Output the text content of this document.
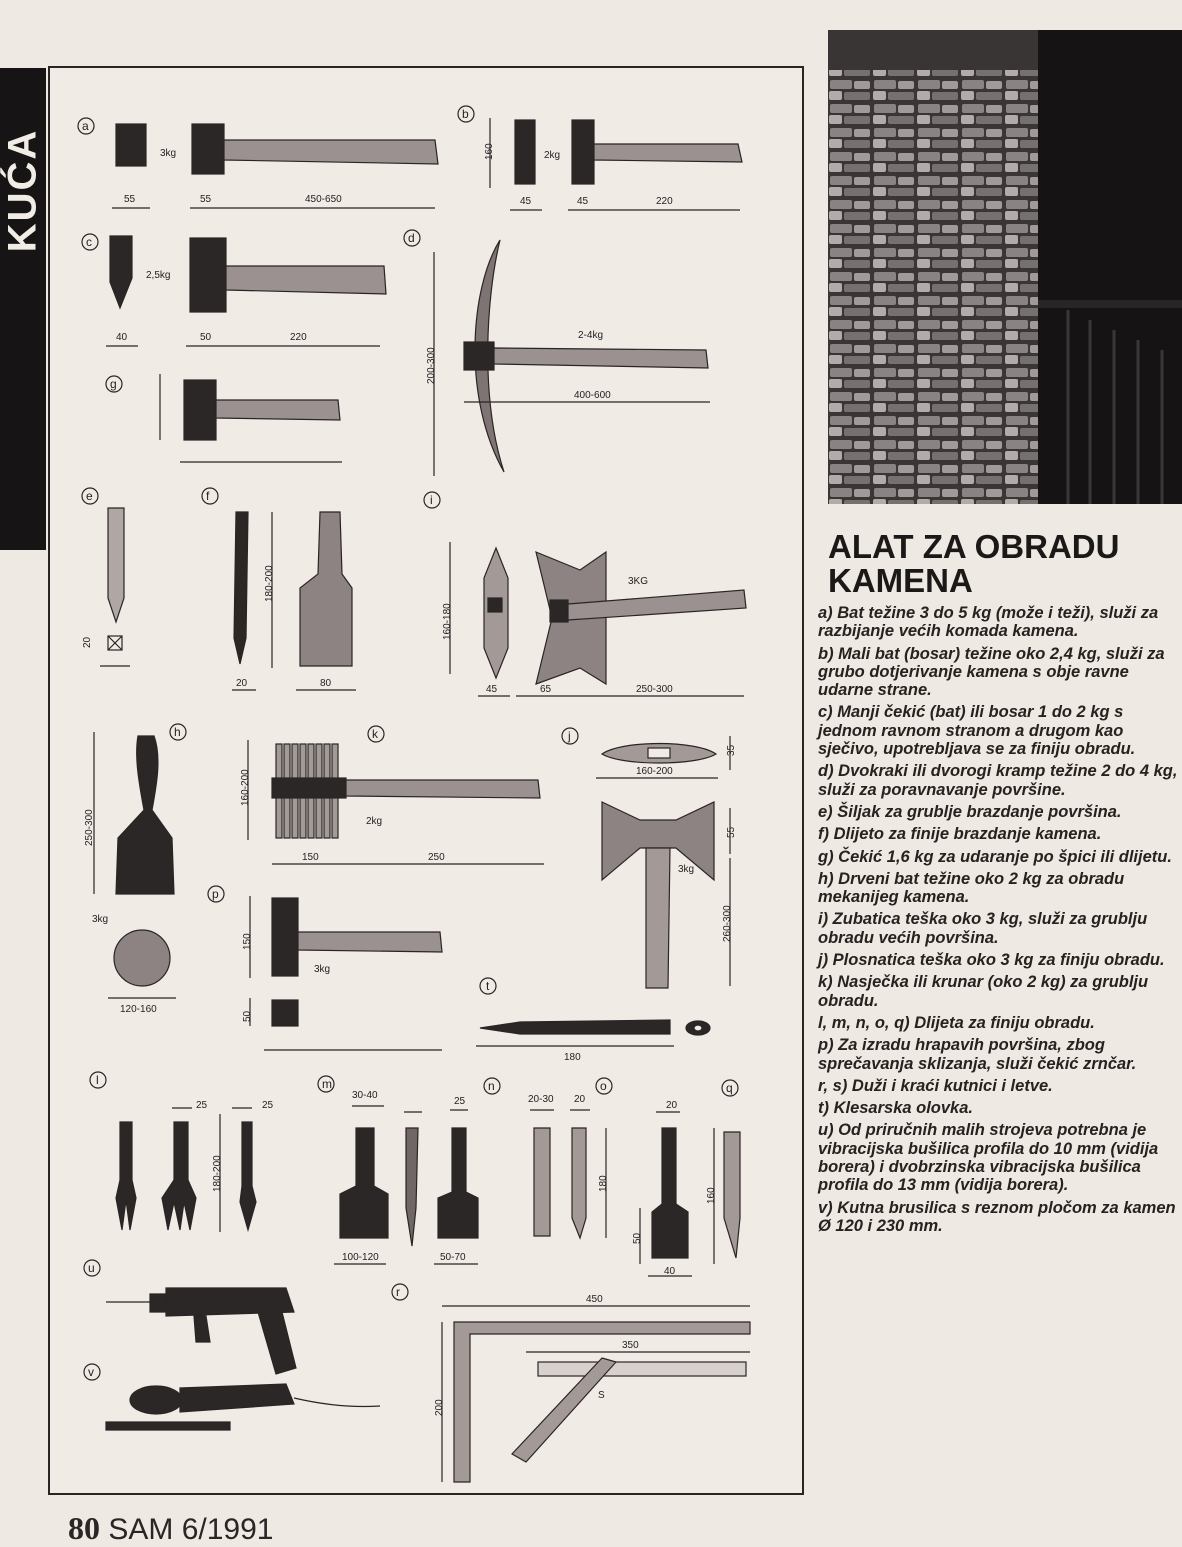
KUĆA
a
3kg
55	55	450-650
b
160	2kg
45	45	220
c
2,5kg
40	50	220
d
200-300
2-4kg
400-600
g
e
20
f
180-200
20	80
i
160-180
3KG
45	65	250-300
h
250-300
3kg
120-160
k
160-200
2kg
150	250
j
35
160-200
55
3kg
260-300
p
150
3kg
50
t
180
l
25	25
180-200
m
30-40
25
100-120	50-70
n
20-30 20
180
o
20
50
40
q
160
u
r
450
200
350
S
v
ALAT ZA OBRADU
KAMENA

a) Bat težine 3 do 5 kg (može i teži), služi za razbijanje većih komada kamena.

b) Mali bat (bosar) težine oko 2,4 kg, služi za grubo dotjerivanje kamena s obje ravne udarne strane.

c) Manji čekić (bat) ili bosar 1 do 2 kg s jednom ravnom stranom a drugom kao sječivo, upotrebljava se za finiju obradu.

d) Dvokraki ili dvorogi kramp težine 2 do 4 kg, služi za poravnavanje površine.

e) Šiljak za grublje brazdanje površina.

f) Dlijeto za finije brazdanje kamena.

g) Čekić 1,6 kg za udaranje po špici ili dlijetu.

h) Drveni bat težine oko 2 kg za obradu mekanijeg kamena.

i) Zubatica teška oko 3 kg, služi za grublju obradu većih površina.

j) Plosnatica teška oko 3 kg za finiju obradu.

k) Nasječka ili krunar (oko 2 kg) za grublju obradu.

l, m, n, o, q) Dlijeta za finiju obradu.

p) Za izradu hrapavih površina, zbog sprečavanja sklizanja, služi čekić zrnčar.

r, s) Duži i kraći kutnici i letve.

t) Klesarska olovka.

u) Od priručnih malih strojeva potrebna je vibracijska bušilica profila do 10 mm (vidija borera) i dvobrzinska vibracijska bušilica profila do 13 mm (vidija borera).

v) Kutna brusilica s reznom pločom za kamen Ø 120 i 230 mm.

80 SAM 6/1991
